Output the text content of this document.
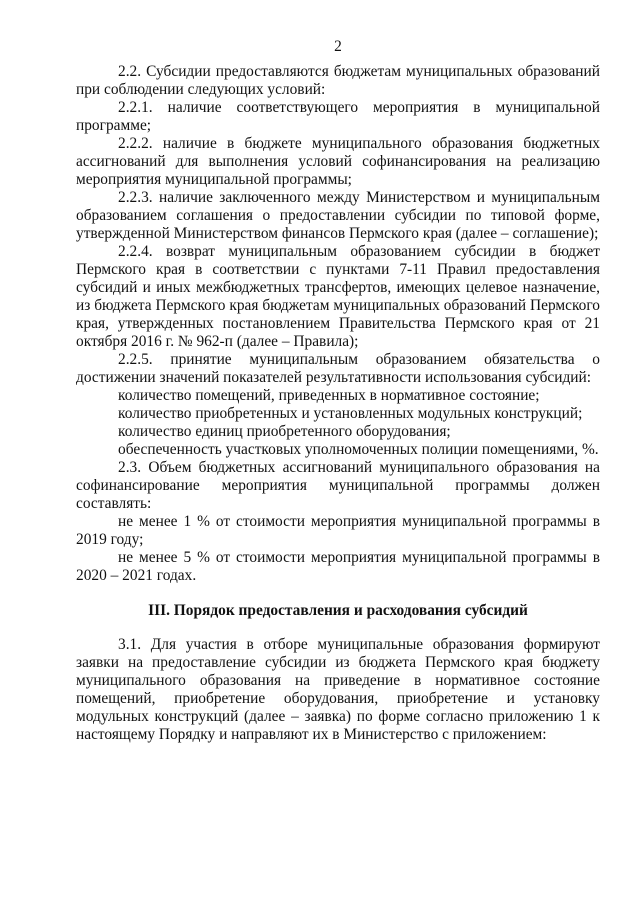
2

2.2. Субсидии предоставляются бюджетам муниципальных образований при соблюдении следующих условий:

2.2.1. наличие соответствующего мероприятия в муниципальной программе;

2.2.2. наличие в бюджете муниципального образования бюджетных ассигнований для выполнения условий софинансирования на реализацию мероприятия муниципальной программы;

2.2.3. наличие заключенного между Министерством и муниципальным образованием соглашения о предоставлении субсидии по типовой форме, утвержденной Министерством финансов Пермского края (далее – соглашение);

2.2.4. возврат муниципальным образованием субсидии в бюджет Пермского края в соответствии с пунктами 7-11 Правил предоставления субсидий и иных межбюджетных трансфертов, имеющих целевое назначение, из бюджета Пермского края бюджетам муниципальных образований Пермского края, утвержденных постановлением Правительства Пермского края от 21 октября 2016 г. № 962-п (далее – Правила);

2.2.5. принятие муниципальным образованием обязательства о достижении значений показателей результативности использования субсидий:

количество помещений, приведенных в нормативное состояние;

количество приобретенных и установленных модульных конструкций;

количество единиц приобретенного оборудования;

обеспеченность участковых уполномоченных полиции помещениями, %.

2.3. Объем бюджетных ассигнований муниципального образования на софинансирование мероприятия муниципальной программы должен составлять:

не менее 1 % от стоимости мероприятия муниципальной программы в 2019 году;

не менее 5 % от стоимости мероприятия муниципальной программы в 2020 – 2021 годах.

III. Порядок предоставления и расходования субсидий

3.1. Для участия в отборе муниципальные образования формируют заявки на предоставление субсидии из бюджета Пермского края бюджету муниципального образования на приведение в нормативное состояние помещений, приобретение оборудования, приобретение и установку модульных конструкций (далее – заявка) по форме согласно приложению 1 к настоящему Порядку и направляют их в Министерство с приложением:
